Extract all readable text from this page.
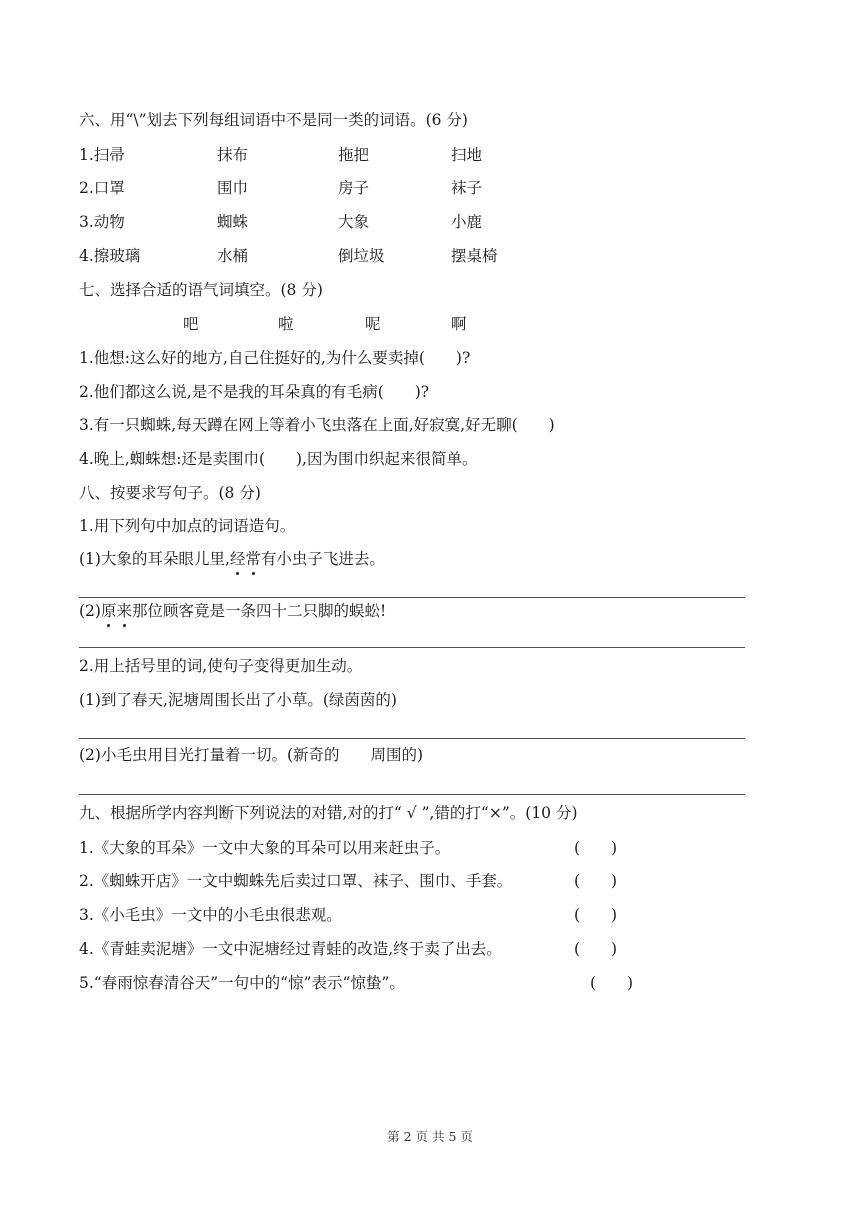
六、用“\”划去下列每组词语中不是同一类的词语。(6 分)
1.扫帚	抹布	拖把	扫地
2.口罩	围巾	房子	袜子
3.动物	蜘蛛	大象	小鹿
4.擦玻璃	水桶	倒垃圾	摆桌椅
七、选择合适的语气词填空。(8 分)
吧	啦	呢	啊
1.他想:这么好的地方,自己住挺好的,为什么要卖掉(　　)?
2.他们都这么说,是不是我的耳朵真的有毛病(　　)?
3.有一只蜘蛛,每天蹲在网上等着小飞虫落在上面,好寂寞,好无聊(　　)
4.晚上,蜘蛛想:还是卖围巾(　　),因为围巾织起来很简单。
八、按要求写句子。(8 分)
1.用下列句中加点的词语造句。
(1)大象的耳朵眼儿里,经常有小虫子飞进去。
(2)原来那位顾客竟是一条四十二只脚的蜈蚣!
2.用上括号里的词,使句子变得更加生动。
(1)到了春天,泥塘周围长出了小草。(绿茵茵的)
(2)小毛虫用目光打量着一切。(新奇的　　周围的)
九、根据所学内容判断下列说法的对错,对的打“ √ ”,错的打“×”。(10 分)
1.《大象的耳朵》一文中大象的耳朵可以用来赶虫子。	(　　)
2.《蜘蛛开店》一文中蜘蛛先后卖过口罩、袜子、围巾、手套。	(　　)
3.《小毛虫》一文中的小毛虫很悲观。	(　　)
4.《青蛙卖泥塘》一文中泥塘经过青蛙的改造,终于卖了出去。	(　　)
5.“春雨惊春清谷天”一句中的“惊”表示“惊蛰”。	(　　)
第 2 页 共 5 页
